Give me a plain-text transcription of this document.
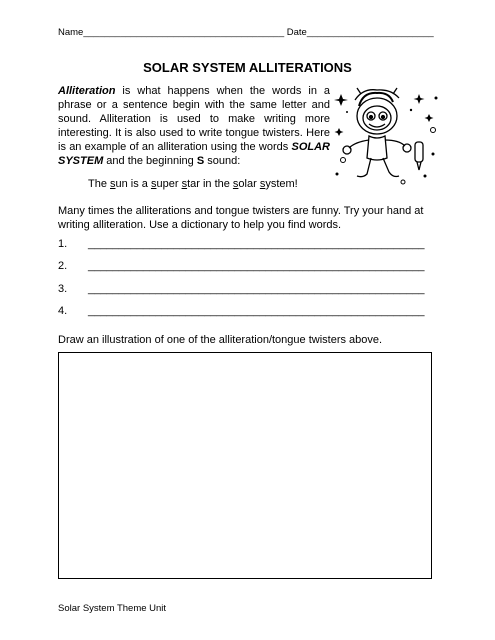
Name______________________________________ Date________________________
SOLAR SYSTEM ALLITERATIONS
Alliteration is what happens when the words in a phrase or a sentence begin with the same letter and sound. Alliteration is used to make writing more interesting. It is also used to write tongue twisters. Here is an example of an alliteration using the words SOLAR SYSTEM and the beginning S sound:
The sun is a super star in the solar system!
Many times the alliterations and tongue twisters are funny. Try your hand at writing alliteration. Use a dictionary to help you find words.
1. _______________________________________________________
2. _______________________________________________________
3. _______________________________________________________
4. _______________________________________________________
Draw an illustration of one of the alliteration/tongue twisters above.
Solar System Theme Unit
